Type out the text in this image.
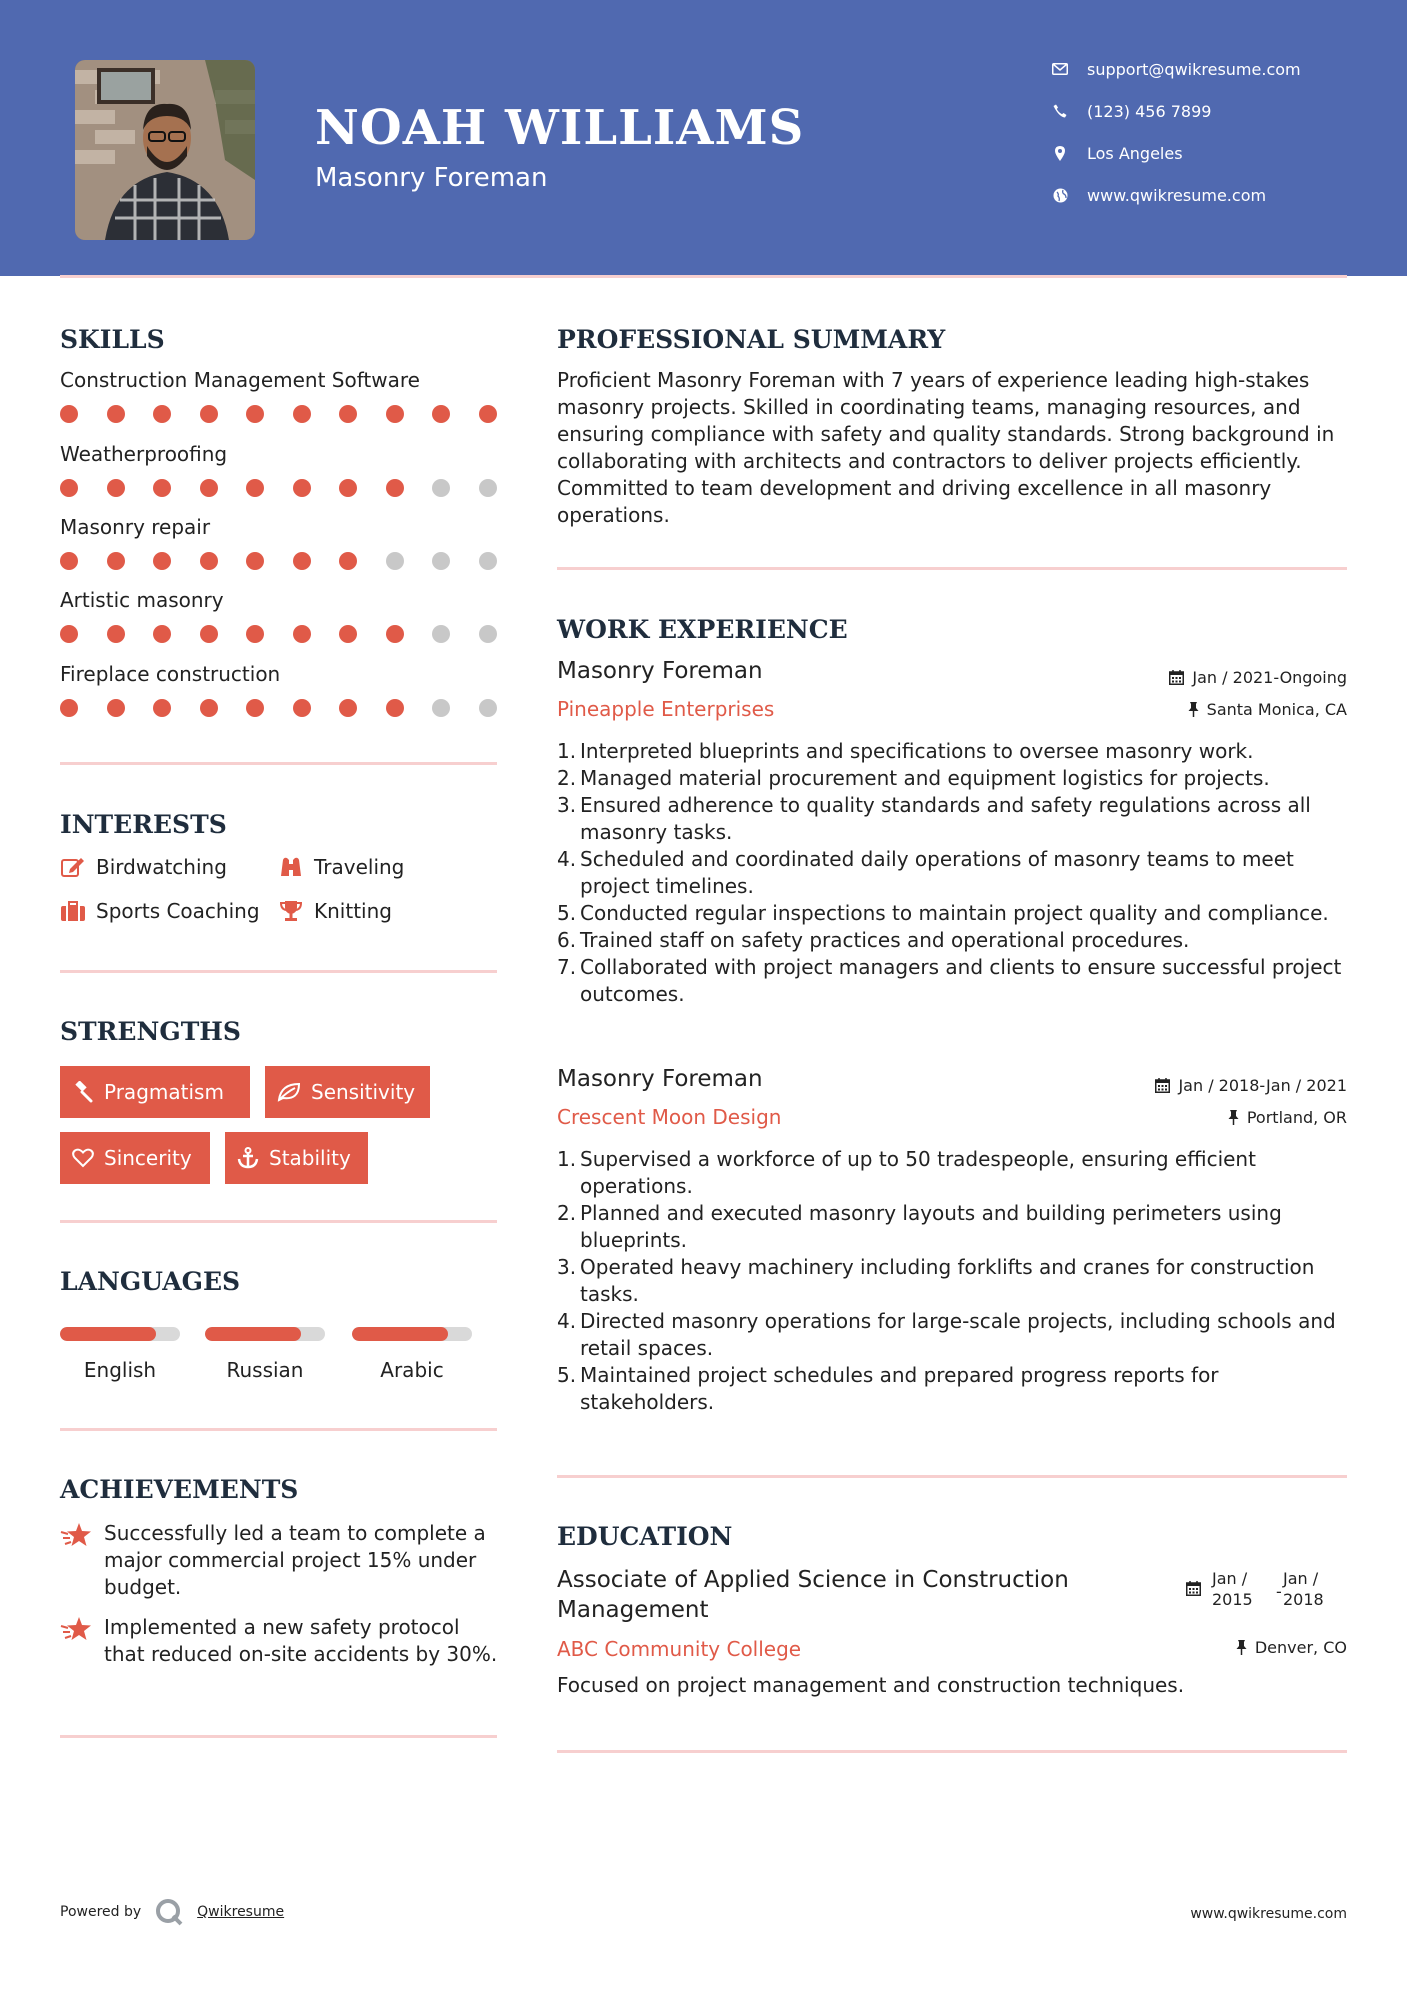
NOAH WILLIAMS
Masonry Foreman
support@qwikresume.com
(123) 456 7899
Los Angeles
www.qwikresume.com
SKILLS
Construction Management Software
Weatherproofing
Masonry repair
Artistic masonry
Fireplace construction
INTERESTS
Birdwatching	Traveling
Sports Coaching	Knitting
STRENGTHS
Pragmatism	Sensitivity
Sincerity	Stability
LANGUAGES
English	Russian	Arabic
ACHIEVEMENTS
Successfully led a team to complete a major commercial project 15% under budget.
Implemented a new safety protocol that reduced on-site accidents by 30%.
PROFESSIONAL SUMMARY
Proficient Masonry Foreman with 7 years of experience leading high-stakes masonry projects. Skilled in coordinating teams, managing resources, and ensuring compliance with safety and quality standards. Strong background in collaborating with architects and contractors to deliver projects efficiently. Committed to team development and driving excellence in all masonry operations.
WORK EXPERIENCE
Masonry Foreman	Jan / 2021-Ongoing
Pineapple Enterprises	Santa Monica, CA
1. Interpreted blueprints and specifications to oversee masonry work.
2. Managed material procurement and equipment logistics for projects.
3. Ensured adherence to quality standards and safety regulations across all masonry tasks.
4. Scheduled and coordinated daily operations of masonry teams to meet project timelines.
5. Conducted regular inspections to maintain project quality and compliance.
6. Trained staff on safety practices and operational procedures.
7. Collaborated with project managers and clients to ensure successful project outcomes.
Masonry Foreman	Jan / 2018-Jan / 2021
Crescent Moon Design	Portland, OR
1. Supervised a workforce of up to 50 tradespeople, ensuring efficient operations.
2. Planned and executed masonry layouts and building perimeters using blueprints.
3. Operated heavy machinery including forklifts and cranes for construction tasks.
4. Directed masonry operations for large-scale projects, including schools and retail spaces.
5. Maintained project schedules and prepared progress reports for stakeholders.
EDUCATION
Associate of Applied Science in Construction Management
Jan /
2015 -
Jan /
2018
ABC Community College	Denver, CO
Focused on project management and construction techniques.
Powered by	Qwikresume	www.qwikresume.com
